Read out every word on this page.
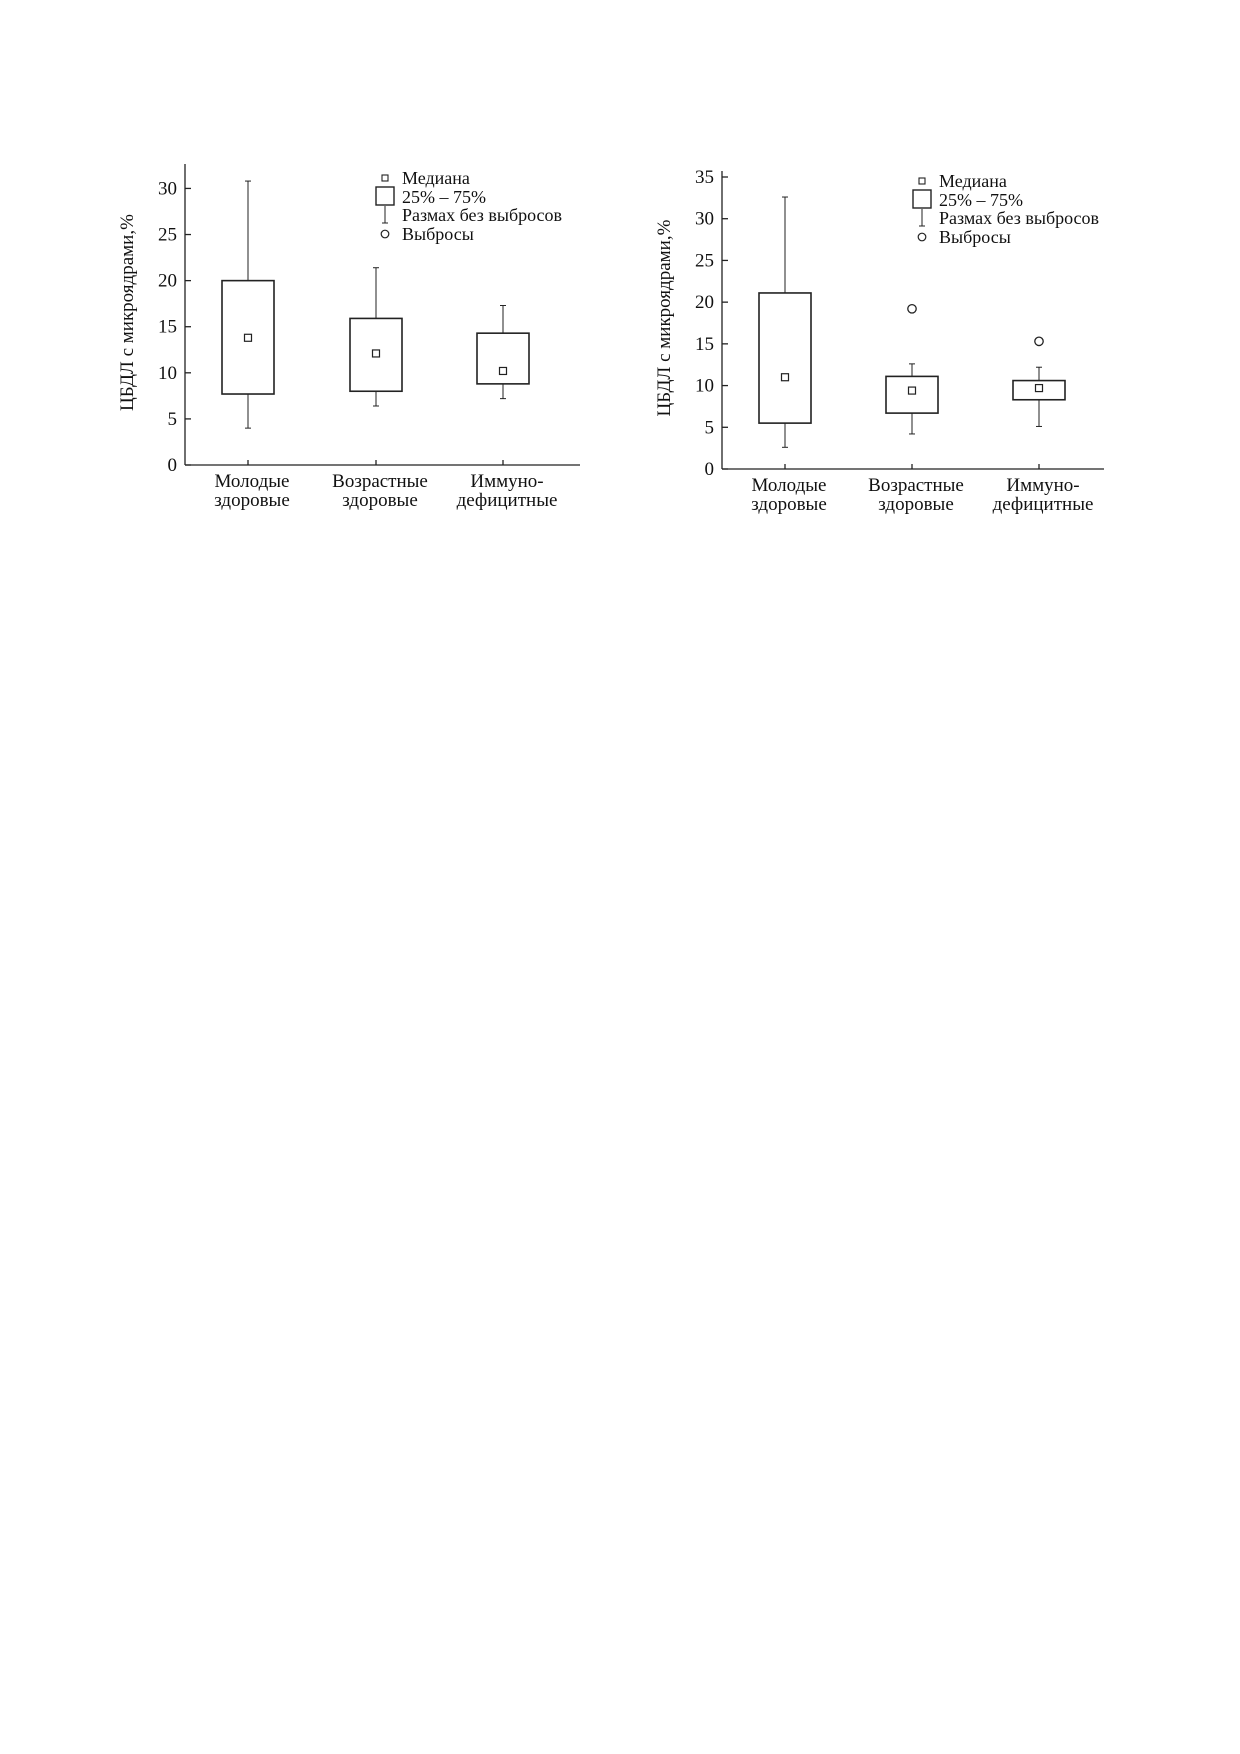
0
5
10
15
20
25
30
ЦБДЛ с микроядрами,%
Молодые
здоровые
Возрастные
здоровые
Иммуно-
дефицитные
Медиана
25% – 75%
Размах без выбросов
Выбросы
0
5
10
15
20
25
30
35
ЦБДЛ с микроядрами,%
Молодые
здоровые
Возрастные
здоровые
Иммуно-
дефицитные
Медиана
25% – 75%
Размах без выбросов
Выбросы
